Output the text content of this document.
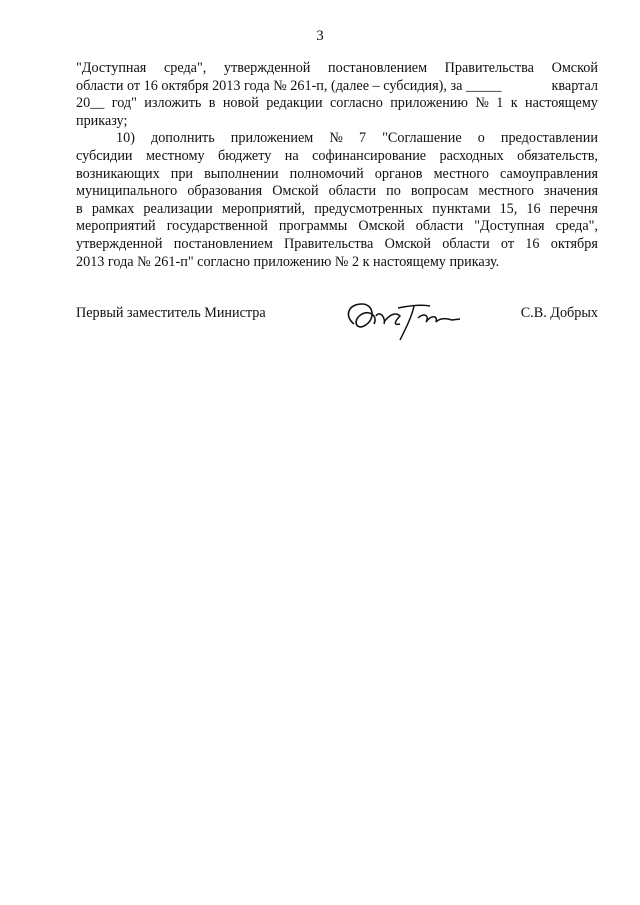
3
"Доступная среда", утвержденной постановлением Правительства Омской
области от 16 октября 2013 года № 261-п, (далее – субсидия), за _____	квартал
20__ год" изложить в новой редакции согласно приложению № 1 к настоящему
приказу;
10) дополнить приложением № 7 "Соглашение о предоставлении
субсидии местному бюджету на софинансирование расходных обязательств,
возникающих при выполнении полномочий органов местного самоуправления
муниципального образования Омской области по вопросам местного значения
в рамках реализации мероприятий, предусмотренных пунктами 15, 16 перечня
мероприятий государственной программы Омской области "Доступная среда",
утвержденной постановлением Правительства Омской области от 16 октября
2013 года № 261-п" согласно приложению № 2 к настоящему приказу.
Первый заместитель Министра	С.В. Добрых
